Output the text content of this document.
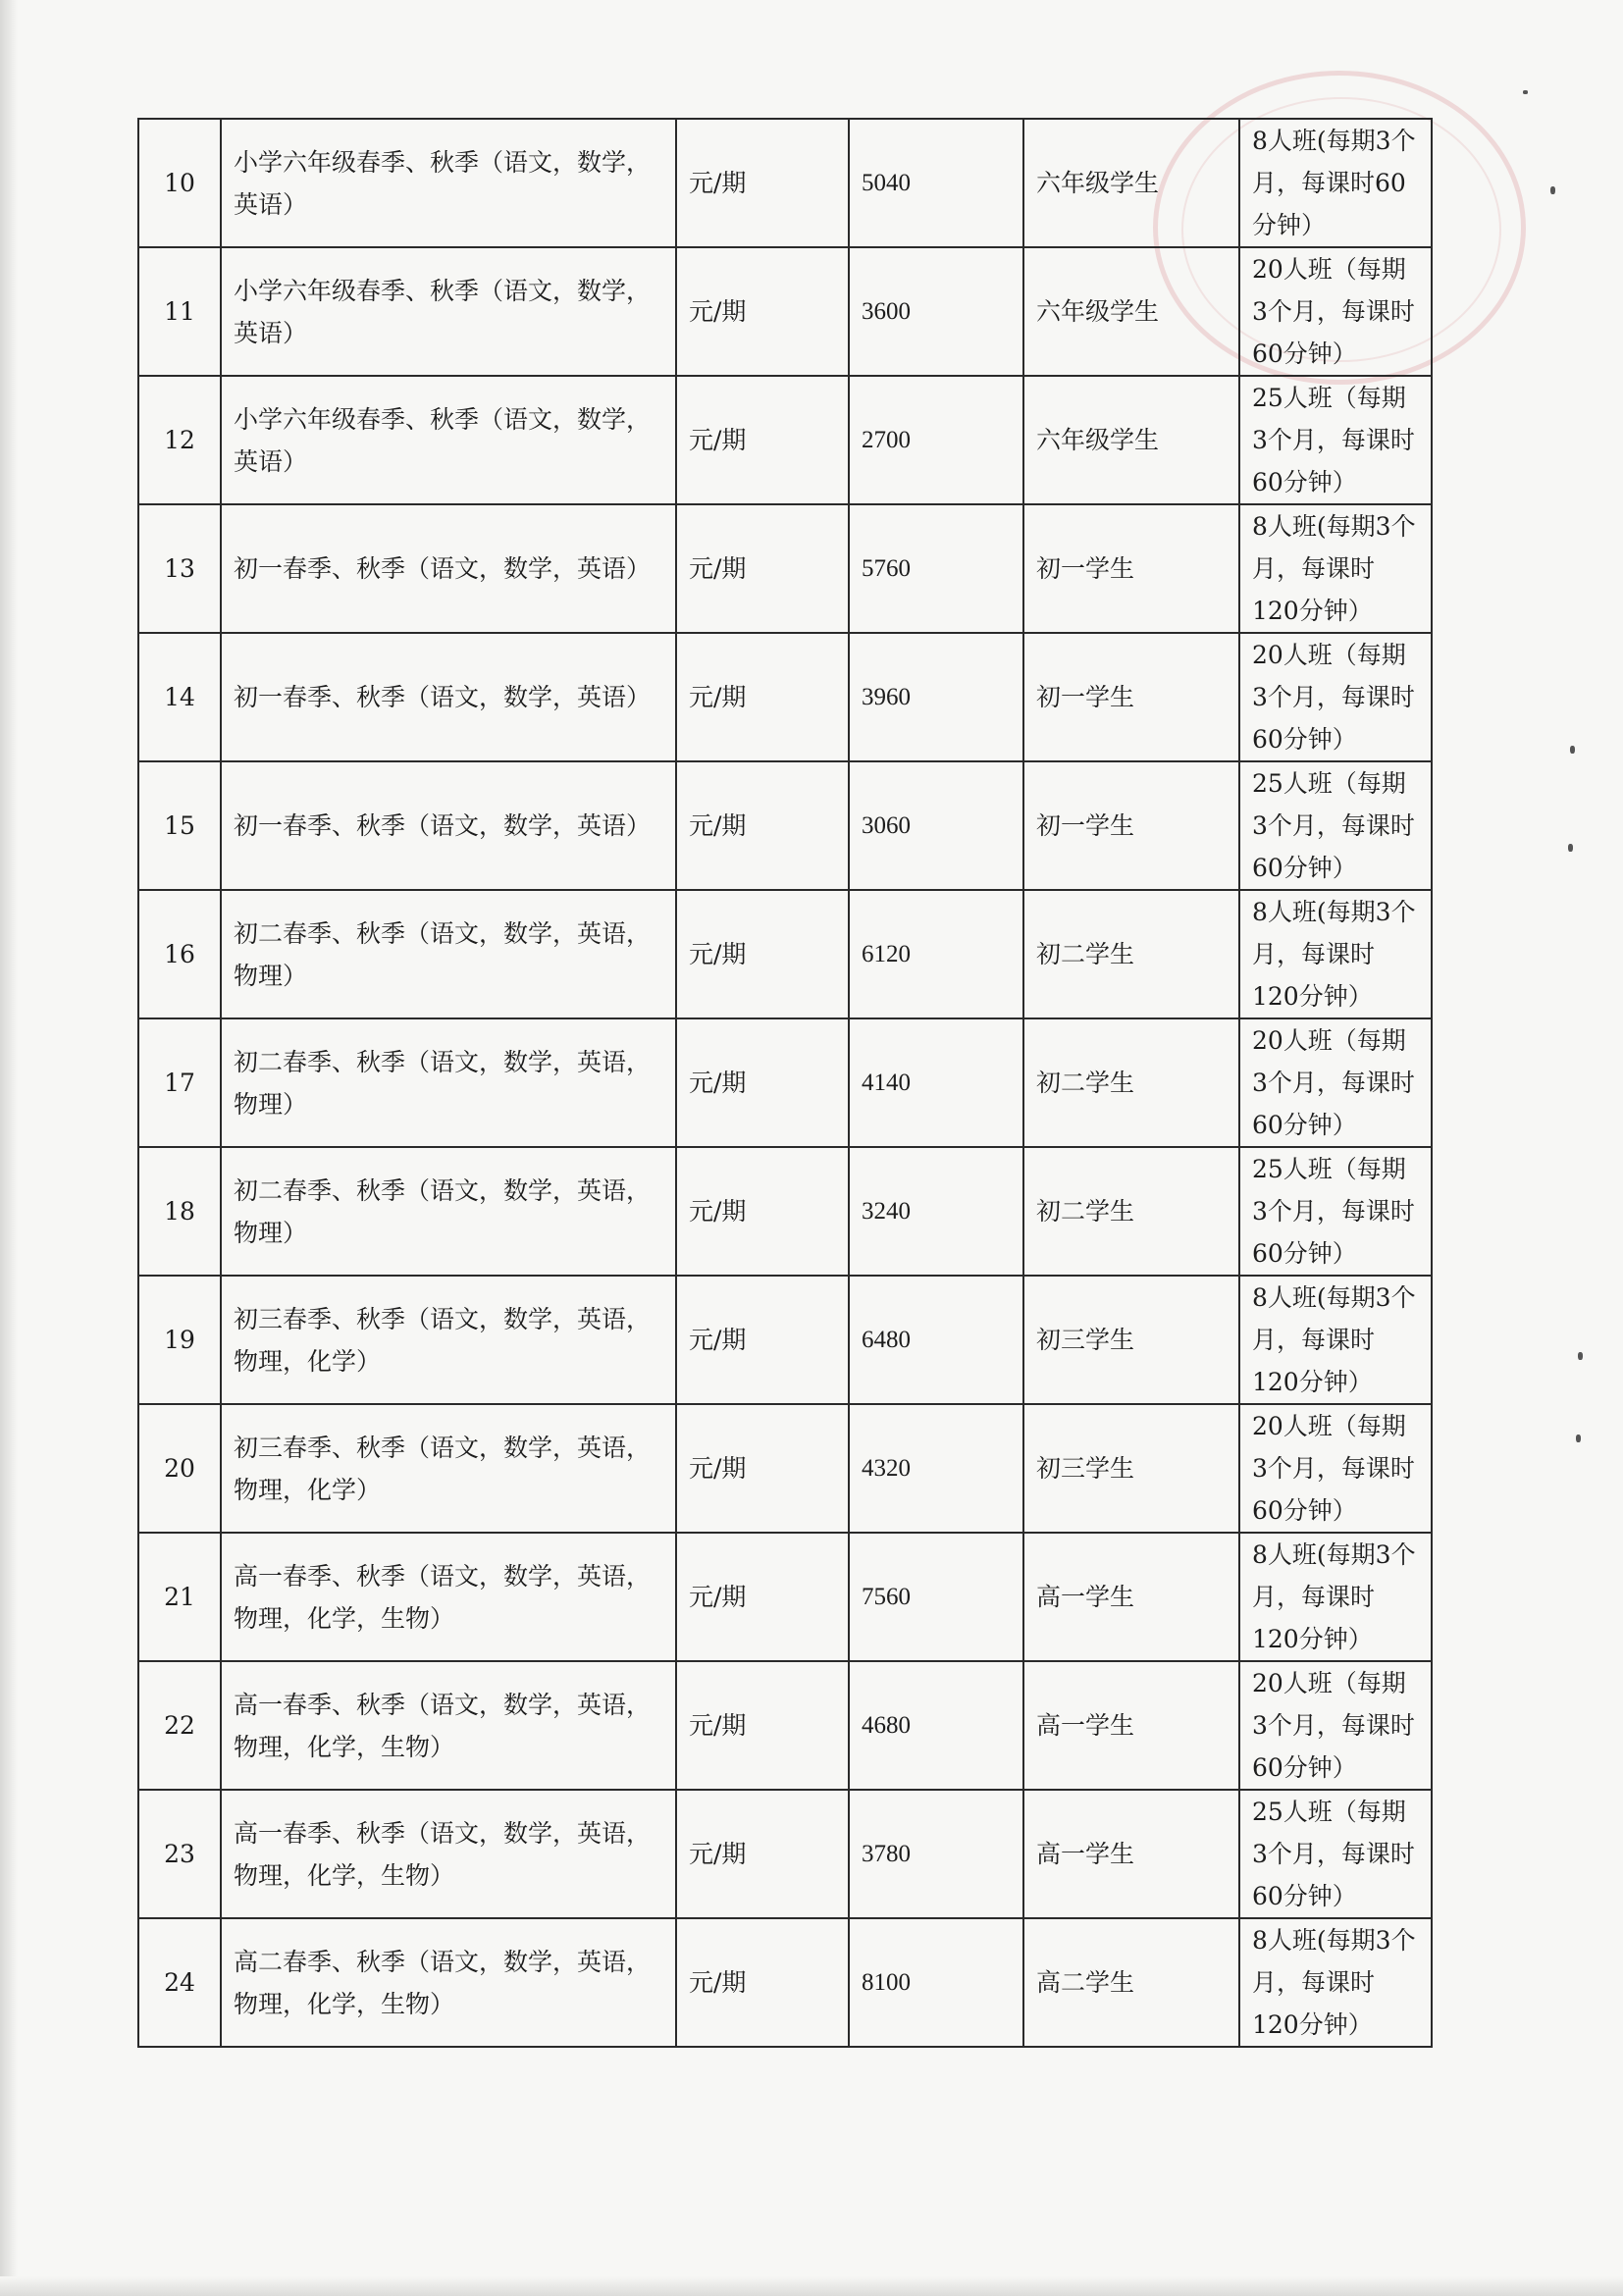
10	小学六年级春季、秋季（语文，数学，英语）	元/期	5040	六年级学生	8人班(每期3个月，每课时60分钟）
11	小学六年级春季、秋季（语文，数学，英语）	元/期	3600	六年级学生	20人班（每期3个月，每课时60分钟）
12	小学六年级春季、秋季（语文，数学，英语）	元/期	2700	六年级学生	25人班（每期3个月，每课时60分钟）
13	初一春季、秋季（语文，数学，英语）	元/期	5760	初一学生	8人班(每期3个月，每课时120分钟）
14	初一春季、秋季（语文，数学，英语）	元/期	3960	初一学生	20人班（每期3个月，每课时60分钟）
15	初一春季、秋季（语文，数学，英语）	元/期	3060	初一学生	25人班（每期3个月，每课时60分钟）
16	初二春季、秋季（语文，数学，英语，物理）	元/期	6120	初二学生	8人班(每期3个月，每课时120分钟）
17	初二春季、秋季（语文，数学，英语，物理）	元/期	4140	初二学生	20人班（每期3个月，每课时60分钟）
18	初二春季、秋季（语文，数学，英语，物理）	元/期	3240	初二学生	25人班（每期3个月，每课时60分钟）
19	初三春季、秋季（语文，数学，英语，物理，化学）	元/期	6480	初三学生	8人班(每期3个月，每课时120分钟）
20	初三春季、秋季（语文，数学，英语，物理，化学）	元/期	4320	初三学生	20人班（每期3个月，每课时60分钟）
21	高一春季、秋季（语文，数学，英语，物理，化学，生物）	元/期	7560	高一学生	8人班(每期3个月，每课时120分钟）
22	高一春季、秋季（语文，数学，英语，物理，化学，生物）	元/期	4680	高一学生	20人班（每期3个月，每课时60分钟）
23	高一春季、秋季（语文，数学，英语，物理，化学，生物）	元/期	3780	高一学生	25人班（每期3个月，每课时60分钟）
24	高二春季、秋季（语文，数学，英语，物理，化学，生物）	元/期	8100	高二学生	8人班(每期3个月，每课时120分钟）
